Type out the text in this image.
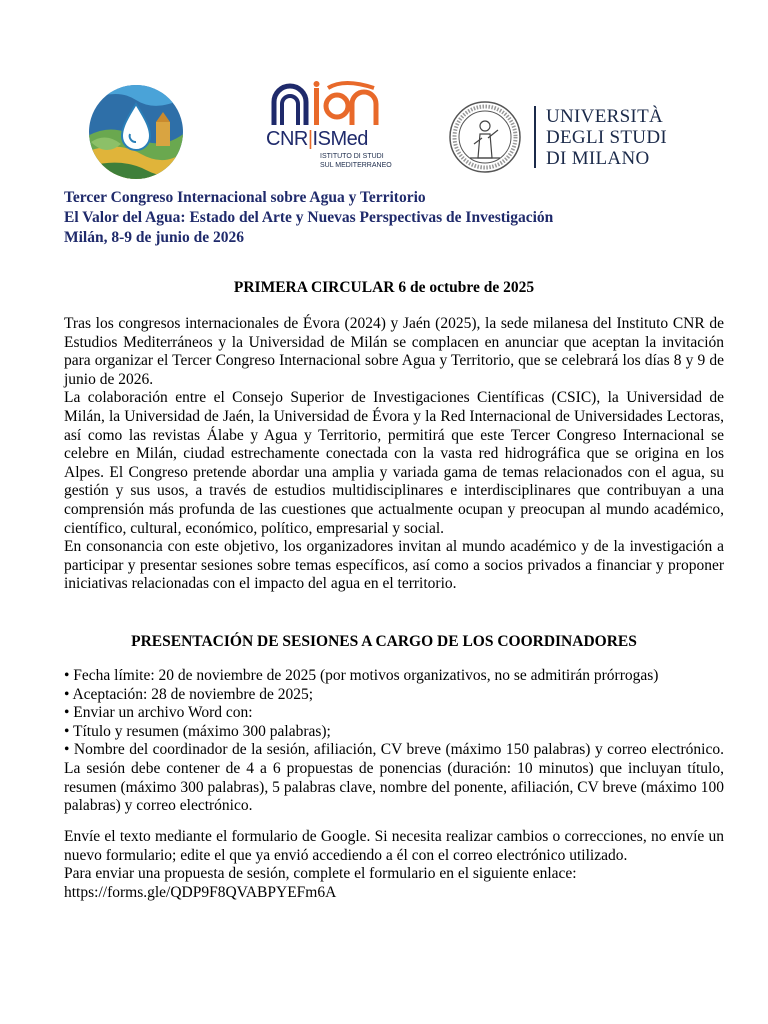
CNR|ISMed
ISTITUTO DI STUDI
SUL MEDITERRANEO
UNIVERSITÀ
DEGLI STUDI
DI MILANO
Tercer Congreso Internacional sobre Agua y Territorio
El Valor del Agua: Estado del Arte y Nuevas Perspectivas de Investigación
Milán, 8-9 de junio de 2026
PRIMERA CIRCULAR 6 de octubre de 2025

Tras los congresos internacionales de Évora (2024) y Jaén (2025), la sede milanesa del Instituto CNR de Estudios Mediterráneos y la Universidad de Milán se complacen en anunciar que aceptan la invitación para organizar el Tercer Congreso Internacional sobre Agua y Territorio, que se celebrará los días 8 y 9 de junio de 2026.

La colaboración entre el Consejo Superior de Investigaciones Científicas (CSIC), la Universidad de Milán, la Universidad de Jaén, la Universidad de Évora y la Red Internacional de Universidades Lectoras, así como las revistas Álabe y Agua y Territorio, permitirá que este Tercer Congreso Internacional se celebre en Milán, ciudad estrechamente conectada con la vasta red hidrográfica que se origina en los Alpes. El Congreso pretende abordar una amplia y variada gama de temas relacionados con el agua, su gestión y sus usos, a través de estudios multidisciplinares e interdisciplinares que contribuyan a una comprensión más profunda de las cuestiones que actualmente ocupan y preocupan al mundo académico, científico, cultural, económico, político, empresarial y social.

En consonancia con este objetivo, los organizadores invitan al mundo académico y de la investigación a participar y presentar sesiones sobre temas específicos, así como a socios privados a financiar y proponer iniciativas relacionadas con el impacto del agua en el territorio.

PRESENTACIÓN DE SESIONES A CARGO DE LOS COORDINADORES
• Fecha límite: 20 de noviembre de 2025 (por motivos organizativos, no se admitirán prórrogas)
• Aceptación: 28 de noviembre de 2025;
• Enviar un archivo Word con:
• Título y resumen (máximo 300 palabras);
• Nombre del coordinador de la sesión, afiliación, CV breve (máximo 150 palabras) y correo electrónico. La sesión debe contener de 4 a 6 propuestas de ponencias (duración: 10 minutos) que incluyan título, resumen (máximo 300 palabras), 5 palabras clave, nombre del ponente, afiliación, CV breve (máximo 100 palabras) y correo electrónico.

Envíe el texto mediante el formulario de Google. Si necesita realizar cambios o correcciones, no envíe un nuevo formulario; edite el que ya envió accediendo a él con el correo electrónico utilizado.

Para enviar una propuesta de sesión, complete el formulario en el siguiente enlace:

https://forms.gle/QDP9F8QVABPYEFm6A
